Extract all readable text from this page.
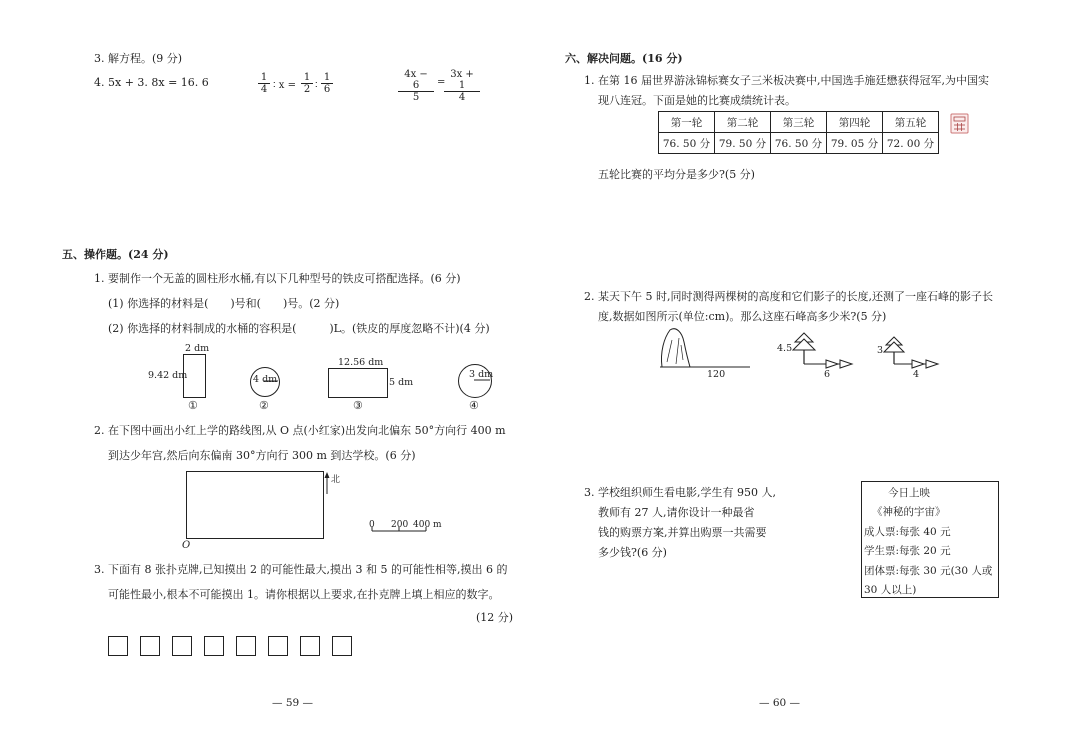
3. 解方程。(9 分)
4. 5x + 3. 8x = 16. 6	$\frac{1}{4}$ ∶ $x = \frac{1}{2}$ ∶ $\frac{1}{6}$	$\frac{4x - 6}{5}$ =
$\frac{3x + 1}{4}$
五、操作题。(24 分)
1. 要制作一个无盖的圆柱形水桶,有以下几种型号的铁皮可搭配选择。(6 分)
(1) 你选择的材料是(　　)号和(　　)号。(2 分)
(2) 你选择的材料制成的水桶的容积是(　　　)L。(铁皮的厚度忽略不计)(4 分)
2 dm
9.42 dm
①
4 dm
②
12.56 dm
5 dm
③
3 dm
④
2. 在下图中画出小红上学的路线图,从 O 点(小红家)出发向北偏东 50°方向行 400 m
到达少年宫,然后向东偏南 30°方向行 300 m 到达学校。(6 分)
O
北
0 200 400 m
3. 下面有 8 张扑克牌,已知摸出 2 的可能性最大,摸出 3 和 5 的可能性相等,摸出 6 的
可能性最小,根本不可能摸出 1。请你根据以上要求,在扑克牌上填上相应的数字。
(12 分)
— 59 —
六、解决问题。(16 分)
1. 在第 16 届世界游泳锦标赛女子三米板决赛中,中国选手施廷懋获得冠军,为中国实
现八连冠。下面是她的比赛成绩统计表。
第一轮	第二轮	第三轮	第四轮	第五轮
76. 50 分	79. 50 分	76. 50 分	79. 05 分	72. 00 分
五轮比赛的平均分是多少?(5 分)
2. 某天下午 5 时,同时测得两棵树的高度和它们影子的长度,还测了一座石峰的影子长
度,数据如图所示(单位:cm)。那么这座石峰高多少米?(5 分)
120
4.5
6
3
4
3. 学校组织师生看电影,学生有 950 人,
教师有 27 人,请你设计一种最省
钱的购票方案,并算出购票一共需要
多少钱?(6 分)
今日上映
《神秘的宇宙》
成人票:每张 40 元
学生票:每张 20 元
团体票:每张 30 元(30 人或
30 人以上)
— 60 —
